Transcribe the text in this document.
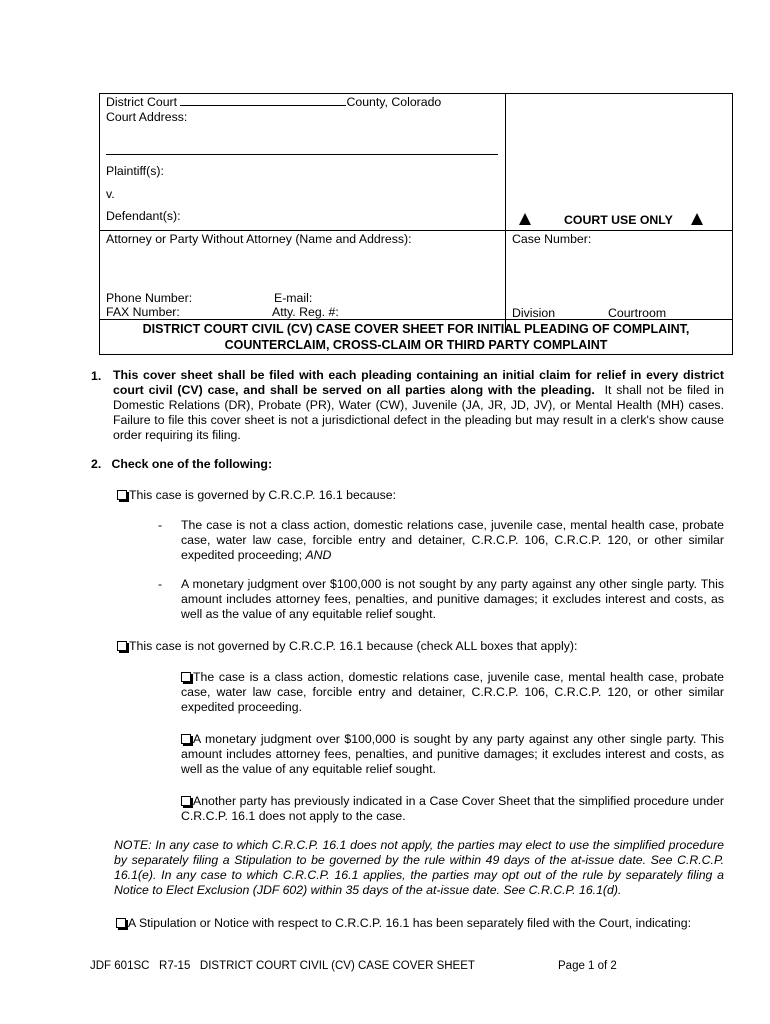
District Court	County, Colorado
Court Address:
Plaintiff(s):
v.
Defendant(s):	COURT USE ONLY
Attorney or Party Without Attorney (Name and Address):
Phone Number:	E-mail:
FAX Number:	Atty. Reg. #:
Case Number:
Division	Courtroom
DISTRICT COURT CIVIL (CV) CASE COVER SHEET FOR INITIAL PLEADING OF COMPLAINT,
COUNTERCLAIM, CROSS-CLAIM OR THIRD PARTY COMPLAINT
1. This cover sheet shall be filed with each pleading containing an initial claim for relief in every district court civil (CV) case, and shall be served on all parties along with the pleading. It shall not be filed in Domestic Relations (DR), Probate (PR), Water (CW), Juvenile (JA, JR, JD, JV), or Mental Health (MH) cases. Failure to file this cover sheet is not a jurisdictional defect in the pleading but may result in a clerk's show cause order requiring its filing.
2.   Check one of the following:
This case is governed by C.R.C.P. 16.1 because:
- The case is not a class action, domestic relations case, juvenile case, mental health case, probate case, water law case, forcible entry and detainer, C.R.C.P. 106, C.R.C.P. 120, or other similar expedited proceeding; AND
- A monetary judgment over $100,000 is not sought by any party against any other single party. This amount includes attorney fees, penalties, and punitive damages; it excludes interest and costs, as well as the value of any equitable relief sought.
This case is not governed by C.R.C.P. 16.1 because (check ALL boxes that apply):
The case is a class action, domestic relations case, juvenile case, mental health case, probate case, water law case, forcible entry and detainer, C.R.C.P. 106, C.R.C.P. 120, or other similar expedited proceeding.
A monetary judgment over $100,000 is sought by any party against any other single party. This amount includes attorney fees, penalties, and punitive damages; it excludes interest and costs, as well as the value of any equitable relief sought.
Another party has previously indicated in a Case Cover Sheet that the simplified procedure under C.R.C.P. 16.1 does not apply to the case.
NOTE: In any case to which C.R.C.P. 16.1 does not apply, the parties may elect to use the simplified procedure by separately filing a Stipulation to be governed by the rule within 49 days of the at-issue date. See C.R.C.P. 16.1(e). In any case to which C.R.C.P. 16.1 applies, the parties may opt out of the rule by separately filing a Notice to Elect Exclusion (JDF 602) within 35 days of the at-issue date. See C.R.C.P. 16.1(d).
A Stipulation or Notice with respect to C.R.C.P. 16.1 has been separately filed with the Court, indicating:
JDF 601SC   R7-15   DISTRICT COURT CIVIL (CV) CASE COVER SHEET	Page 1 of 2
